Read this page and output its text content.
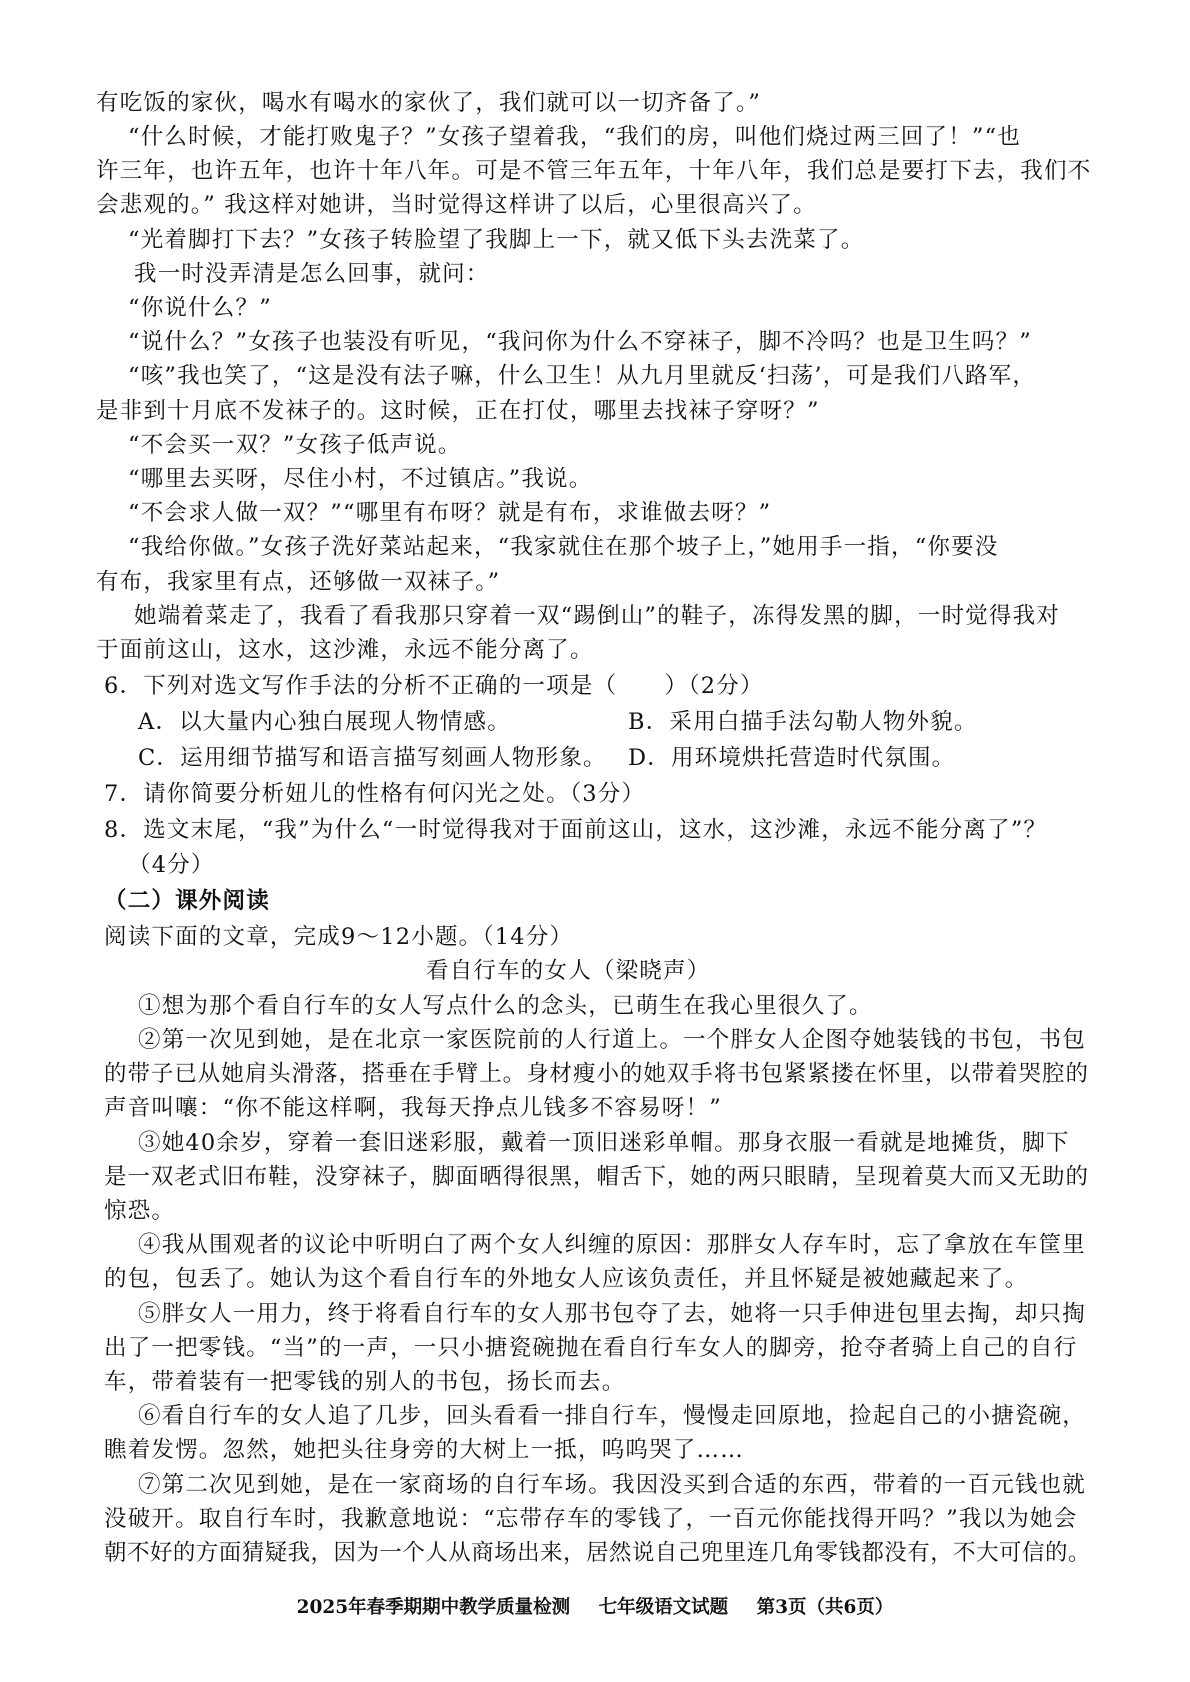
有吃饭的家伙，喝水有喝水的家伙了，我们就可以一切齐备了。”
“什么时候，才能打败鬼子？”女孩子望着我，“我们的房，叫他们烧过两三回了！”“也
许三年，也许五年，也许十年八年。可是不管三年五年，十年八年，我们总是要打下去，我们不
会悲观的。” 我这样对她讲，当时觉得这样讲了以后，心里很高兴了。
“光着脚打下去？”女孩子转脸望了我脚上一下，就又低下头去洗菜了。
我一时没弄清是怎么回事，就问：
“你说什么？”
“说什么？”女孩子也装没有听见，“我问你为什么不穿袜子，脚不冷吗？也是卫生吗？”
“咳”我也笑了，“这是没有法子嘛，什么卫生！从九月里就反‘扫荡’，可是我们八路军，
是非到十月底不发袜子的。这时候，正在打仗，哪里去找袜子穿呀？”
“不会买一双？”女孩子低声说。
“哪里去买呀，尽住小村，不过镇店。”我说。
“不会求人做一双？”“哪里有布呀？就是有布，求谁做去呀？”
“我给你做。”女孩子洗好菜站起来，“我家就住在那个坡子上，”她用手一指，“你要没
有布，我家里有点，还够做一双袜子。”
她端着菜走了，我看了看我那只穿着一双“踢倒山”的鞋子，冻得发黑的脚，一时觉得我对
于面前这山，这水，这沙滩，永远不能分离了。
6．下列对选文写作手法的分析不正确的一项是（　　）（2分）
A．以大量内心独白展现人物情感。	B．采用白描手法勾勒人物外貌。
C．运用细节描写和语言描写刻画人物形象。 D．用环境烘托营造时代氛围。
7．请你简要分析妞儿的性格有何闪光之处。（3分）
8．选文末尾，“我”为什么“一时觉得我对于面前这山，这水，这沙滩，永远不能分离了”？
（4分）
（二）课外阅读
阅读下面的文章，完成9～12小题。（14分）
看自行车的女人（梁晓声）
①想为那个看自行车的女人写点什么的念头，已萌生在我心里很久了。
②第一次见到她，是在北京一家医院前的人行道上。一个胖女人企图夺她装钱的书包，书包
的带子已从她肩头滑落，搭垂在手臂上。身材瘦小的她双手将书包紧紧搂在怀里，以带着哭腔的
声音叫嚷：“你不能这样啊，我每天挣点儿钱多不容易呀！”
③她40余岁，穿着一套旧迷彩服，戴着一顶旧迷彩单帽。那身衣服一看就是地摊货，脚下
是一双老式旧布鞋，没穿袜子，脚面晒得很黑，帽舌下，她的两只眼睛，呈现着莫大而又无助的
惊恐。
④我从围观者的议论中听明白了两个女人纠缠的原因：那胖女人存车时，忘了拿放在车筐里
的包，包丢了。她认为这个看自行车的外地女人应该负责任，并且怀疑是被她藏起来了。
⑤胖女人一用力，终于将看自行车的女人那书包夺了去，她将一只手伸进包里去掏，却只掏
出了一把零钱。“当”的一声，一只小搪瓷碗抛在看自行车女人的脚旁，抢夺者骑上自己的自行
车，带着装有一把零钱的别人的书包，扬长而去。
⑥看自行车的女人追了几步，回头看看一排自行车，慢慢走回原地，捡起自己的小搪瓷碗，
瞧着发愣。忽然，她把头往身旁的大树上一抵，呜呜哭了……
⑦第二次见到她，是在一家商场的自行车场。我因没买到合适的东西，带着的一百元钱也就
没破开。取自行车时，我歉意地说：“忘带存车的零钱了，一百元你能找得开吗？”我以为她会
朝不好的方面猜疑我，因为一个人从商场出来，居然说自己兜里连几角零钱都没有，不大可信的。
2025年春季期期中教学质量检测 七年级语文试题 第3页（共6页）
